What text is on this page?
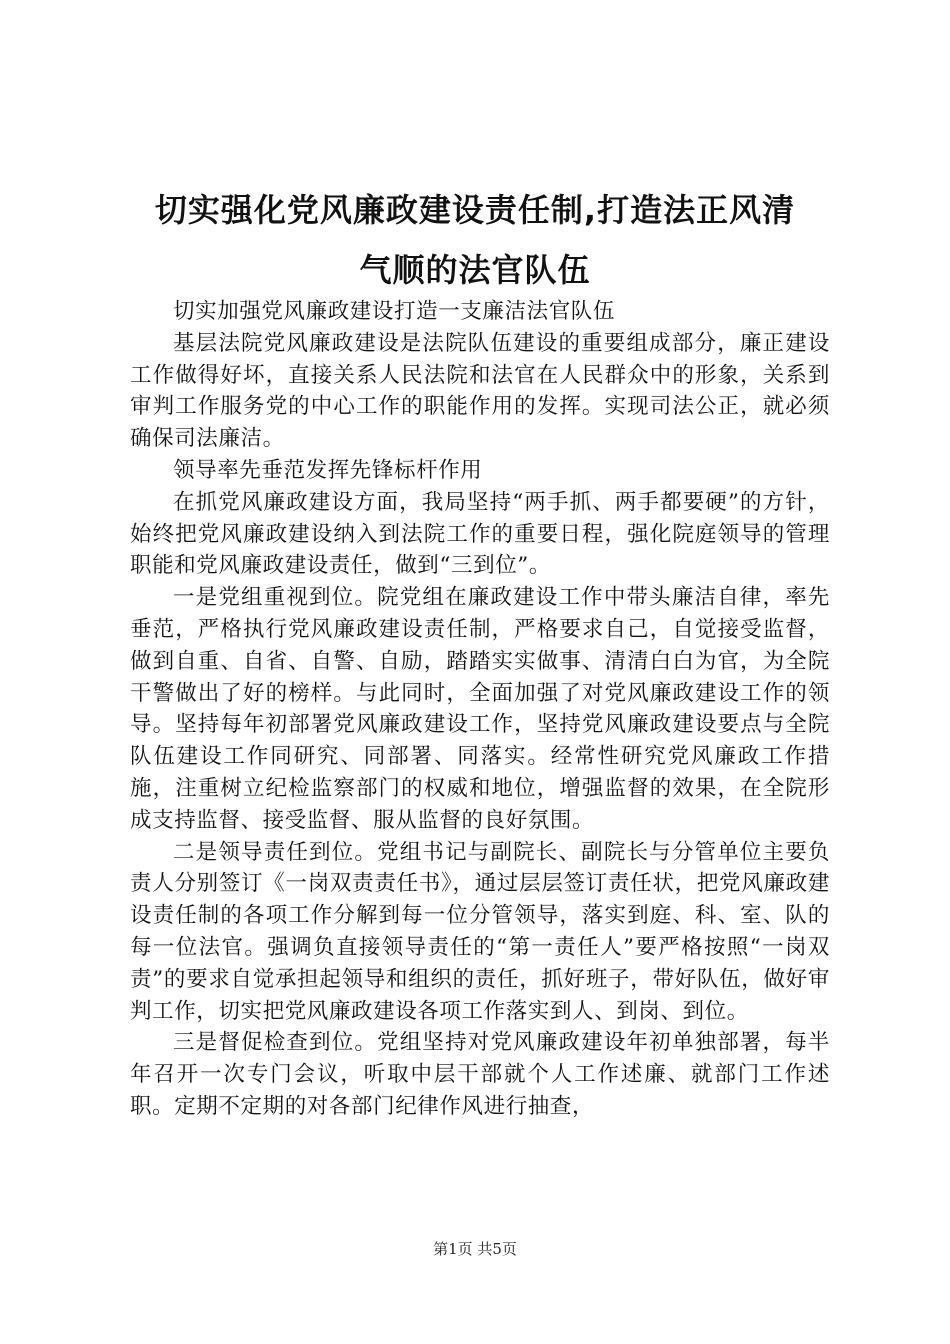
切实强化党风廉政建设责任制,打造法正风清
气顺的法官队伍

切实加强党风廉政建设打造一支廉洁法官队伍

基层法院党风廉政建设是法院队伍建设的重要组成部分，廉正建设工作做得好坏，直接关系人民法院和法官在人民群众中的形象，关系到审判工作服务党的中心工作的职能作用的发挥。实现司法公正，就必须确保司法廉洁。

领导率先垂范发挥先锋标杆作用

在抓党风廉政建设方面，我局坚持“两手抓、两手都要硬”的方针，始终把党风廉政建设纳入到法院工作的重要日程，强化院庭领导的管理职能和党风廉政建设责任，做到“三到位”。

一是党组重视到位。院党组在廉政建设工作中带头廉洁自律，率先垂范，严格执行党风廉政建设责任制，严格要求自己，自觉接受监督，做到自重、自省、自警、自励，踏踏实实做事、清清白白为官，为全院干警做出了好的榜样。与此同时，全面加强了对党风廉政建设工作的领导。坚持每年初部署党风廉政建设工作，坚持党风廉政建设要点与全院队伍建设工作同研究、同部署、同落实。经常性研究党风廉政工作措施，注重树立纪检监察部门的权威和地位，增强监督的效果，在全院形成支持监督、接受监督、服从监督的良好氛围。

二是领导责任到位。党组书记与副院长、副院长与分管单位主要负责人分别签订《一岗双责责任书》，通过层层签订责任状，把党风廉政建设责任制的各项工作分解到每一位分管领导，落实到庭、科、室、队的每一位法官。强调负直接领导责任的“第一责任人”要严格按照“一岗双责”的要求自觉承担起领导和组织的责任，抓好班子，带好队伍，做好审判工作，切实把党风廉政建设各项工作落实到人、到岗、到位。

三是督促检查到位。党组坚持对党风廉政建设年初单独部署，每半年召开一次专门会议，听取中层干部就个人工作述廉、就部门工作述职。定期不定期的对各部门纪律作风进行抽查，

第1页 共5页
